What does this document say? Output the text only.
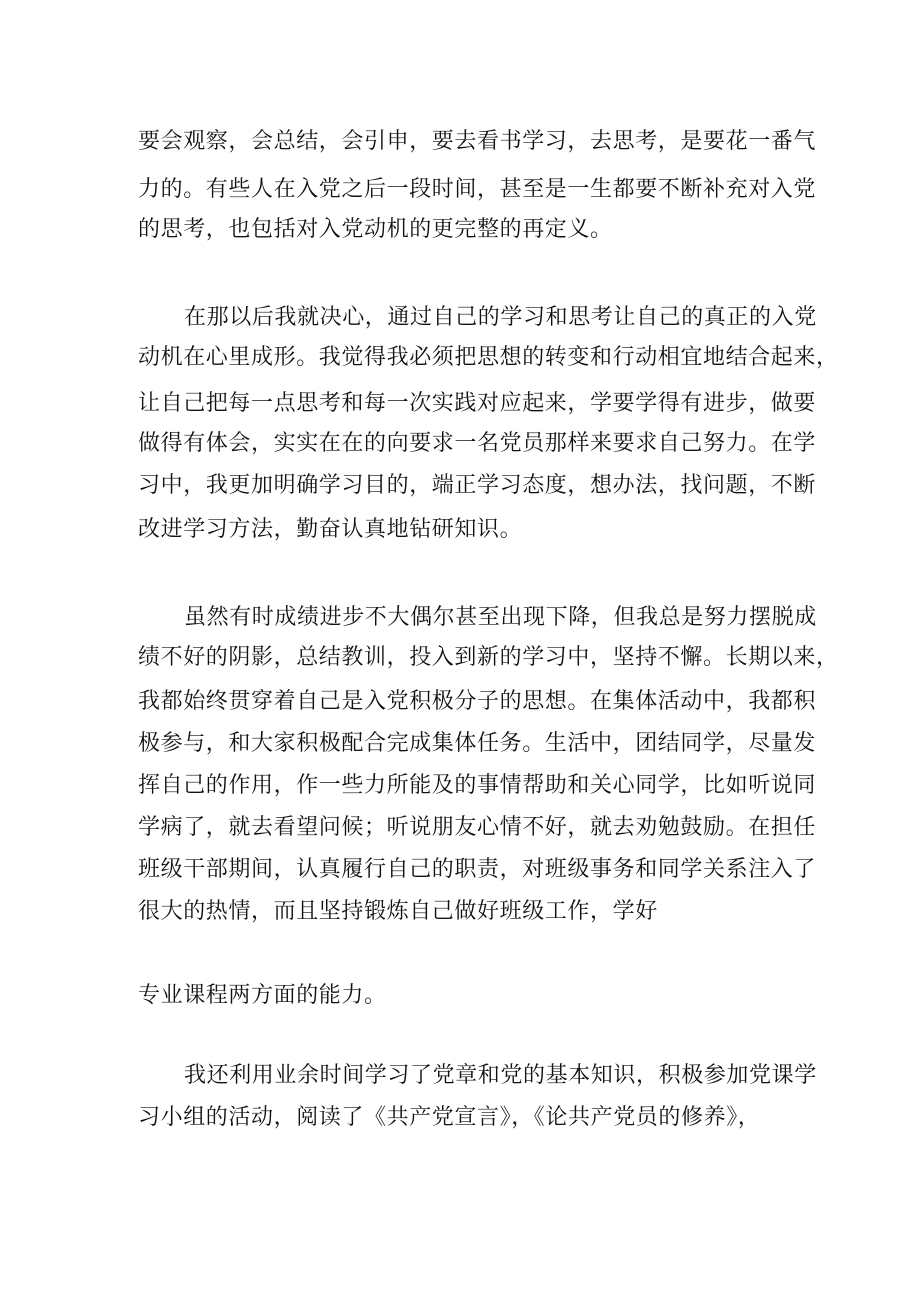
要会观察，会总结，会引申，要去看书学习，去思考，是要花一番气
力的。有些人在入党之后一段时间，甚至是一生都要不断补充对入党
的思考，也包括对入党动机的更完整的再定义。
在那以后我就决心，通过自己的学习和思考让自己的真正的入党
动机在心里成形。我觉得我必须把思想的转变和行动相宜地结合起来，
让自己把每一点思考和每一次实践对应起来，学要学得有进步，做要
做得有体会，实实在在的向要求一名党员那样来要求自己努力。在学
习中，我更加明确学习目的，端正学习态度，想办法，找问题，不断
改进学习方法，勤奋认真地钻研知识。
虽然有时成绩进步不大偶尔甚至出现下降，但我总是努力摆脱成
绩不好的阴影，总结教训，投入到新的学习中，坚持不懈。长期以来，
我都始终贯穿着自己是入党积极分子的思想。在集体活动中，我都积
极参与，和大家积极配合完成集体任务。生活中，团结同学，尽量发
挥自己的作用，作一些力所能及的事情帮助和关心同学，比如听说同
学病了，就去看望问候；听说朋友心情不好，就去劝勉鼓励。在担任
班级干部期间，认真履行自己的职责，对班级事务和同学关系注入了
很大的热情，而且坚持锻炼自己做好班级工作，学好
专业课程两方面的能力。
我还利用业余时间学习了党章和党的基本知识，积极参加党课学
习小组的活动，阅读了《共产党宣言》，《论共产党员的修养》，
